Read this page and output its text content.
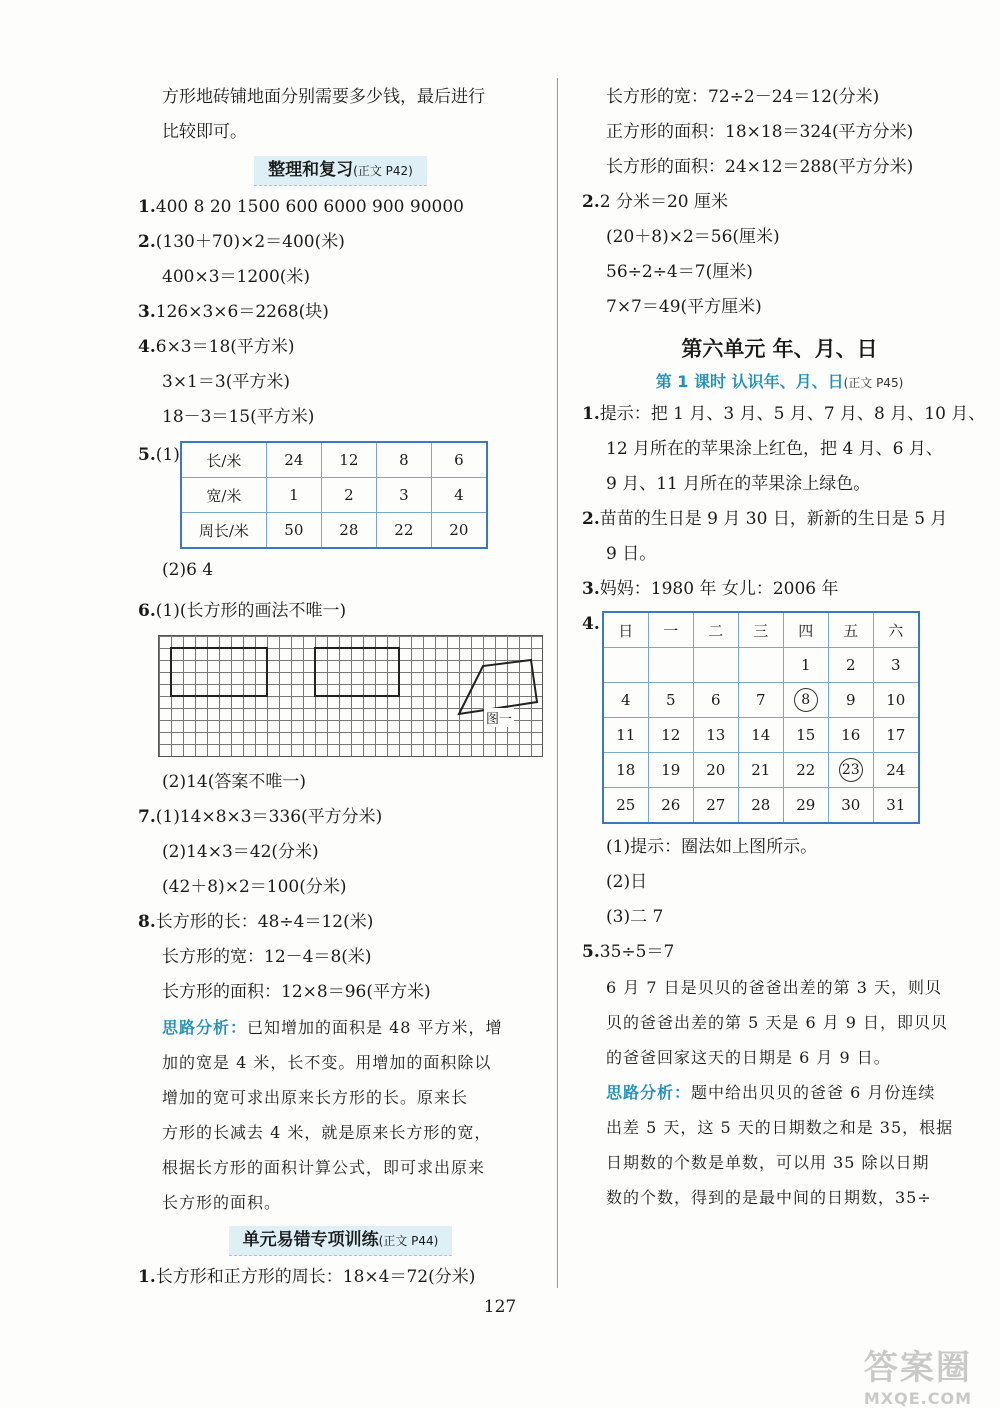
方形地砖铺地面分别需要多少钱，最后进行
比较即可。
整理和复习(正文 P42)
1.400 8 20 1500 600 6000 900 90000
2.(130＋70)×2＝400(米)
400×3＝1200(米)
3.126×3×6＝2268(块)
4.6×3＝18(平方米)
3×1＝3(平方米)
18－3＝15(平方米)
5. (1) 长/米	24	12	8	6
宽/米	1	2	3	4
周长/米	50	28	22	20
(2)6 4
6.(1)(长方形的画法不唯一)
图一
(2)14(答案不唯一)
7.(1)14×8×3＝336(平方分米)
(2)14×3＝42(分米)
(42＋8)×2＝100(分米)
8.长方形的长：48÷4＝12(米)
长方形的宽：12－4＝8(米)
长方形的面积：12×8＝96(平方米)
思路分析：已知增加的面积是 48 平方米，增
加的宽是 4 米，长不变。用增加的面积除以
增加的宽可求出原来长方形的长。原来长
方形的长减去 4 米，就是原来长方形的宽，
根据长方形的面积计算公式，即可求出原来
长方形的面积。
单元易错专项训练(正文 P44)
1.长方形和正方形的周长：18×4＝72(分米)
长方形的宽：72÷2－24＝12(分米)
正方形的面积：18×18＝324(平方分米)
长方形的面积：24×12＝288(平方分米)
2.2 分米＝20 厘米
(20＋8)×2＝56(厘米)
56÷2÷4＝7(厘米)
7×7＝49(平方厘米)
第六单元 年、月、日
第 1 课时 认识年、月、日(正文 P45)
1.提示：把 1 月、3 月、5 月、7 月、8 月、10 月、
12 月所在的苹果涂上红色，把 4 月、6 月、
9 月、11 月所在的苹果涂上绿色。
2.苗苗的生日是 9 月 30 日，新新的生日是 5 月
9 日。
3.妈妈：1980 年 女儿：2006 年
4. 日	一	二	三	四	五	六
				1	2	3
4	5	6	7	8	9	10
11	12	13	14	15	16	17
18	19	20	21	22	23	24
25	26	27	28	29	30	31
(1)提示：圈法如上图所示。
(2)日
(3)二 7
5.35÷5＝7
6 月 7 日是贝贝的爸爸出差的第 3 天，则贝
贝的爸爸出差的第 5 天是 6 月 9 日，即贝贝
的爸爸回家这天的日期是 6 月 9 日。
思路分析：题中给出贝贝的爸爸 6 月份连续
出差 5 天，这 5 天的日期数之和是 35，根据
日期数的个数是单数，可以用 35 除以日期
数的个数，得到的是最中间的日期数，35÷
127
答案圈
MXQE.COM
